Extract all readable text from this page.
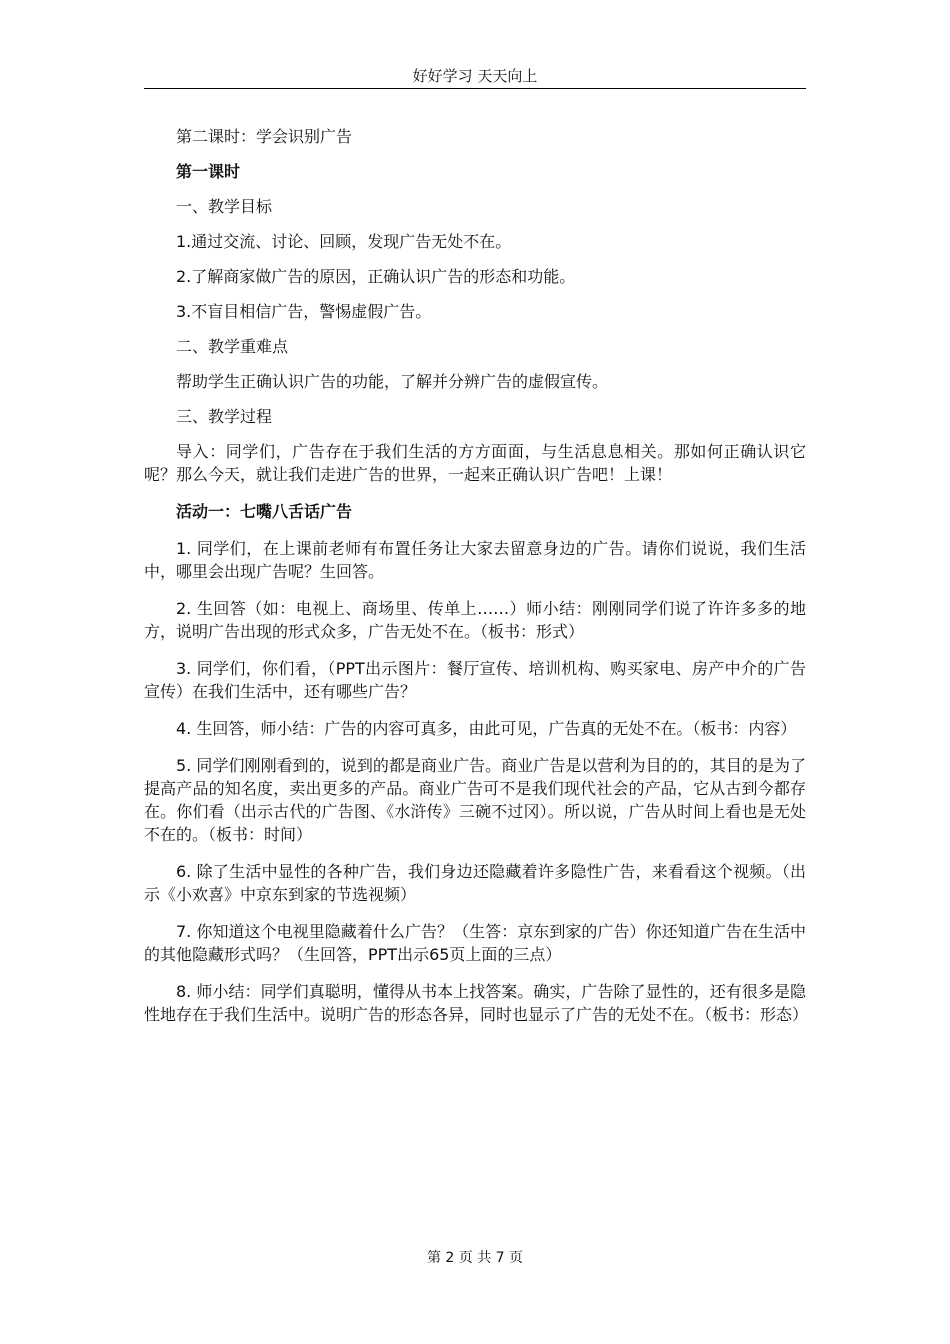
好好学习 天天向上

第二课时：学会识别广告

第一课时

一、教学目标

1.通过交流、讨论、回顾，发现广告无处不在。

2.了解商家做广告的原因，正确认识广告的形态和功能。

3.不盲目相信广告，警惕虚假广告。

二、教学重难点

帮助学生正确认识广告的功能，了解并分辨广告的虚假宣传。

三、教学过程

导入：同学们，广告存在于我们生活的方方面面，与生活息息相关。那如何正确认识它呢？那么今天，就让我们走进广告的世界，一起来正确认识广告吧！上课！

活动一：七嘴八舌话广告

1. 同学们，在上课前老师有布置任务让大家去留意身边的广告。请你们说说，我们生活中，哪里会出现广告呢？生回答。

2. 生回答（如：电视上、商场里、传单上……）师小结：刚刚同学们说了许许多多的地方，说明广告出现的形式众多，广告无处不在。（板书：形式）

3. 同学们，你们看，（PPT出示图片：餐厅宣传、培训机构、购买家电、房产中介的广告宣传）在我们生活中，还有哪些广告？

4. 生回答，师小结：广告的内容可真多，由此可见，广告真的无处不在。（板书：内容）

5. 同学们刚刚看到的，说到的都是商业广告。商业广告是以营利为目的的，其目的是为了提高产品的知名度，卖出更多的产品。商业广告可不是我们现代社会的产品，它从古到今都存在。你们看（出示古代的广告图、《水浒传》三碗不过冈）。所以说，广告从时间上看也是无处不在的。（板书：时间）

6. 除了生活中显性的各种广告，我们身边还隐藏着许多隐性广告，来看看这个视频。（出示《小欢喜》中京东到家的节选视频）

7. 你知道这个电视里隐藏着什么广告？（生答：京东到家的广告）你还知道广告在生活中的其他隐藏形式吗？（生回答，PPT出示65页上面的三点）

8. 师小结：同学们真聪明，懂得从书本上找答案。确实，广告除了显性的，还有很多是隐性地存在于我们生活中。说明广告的形态各异，同时也显示了广告的无处不在。（板书：形态）

第 2 页 共 7 页
